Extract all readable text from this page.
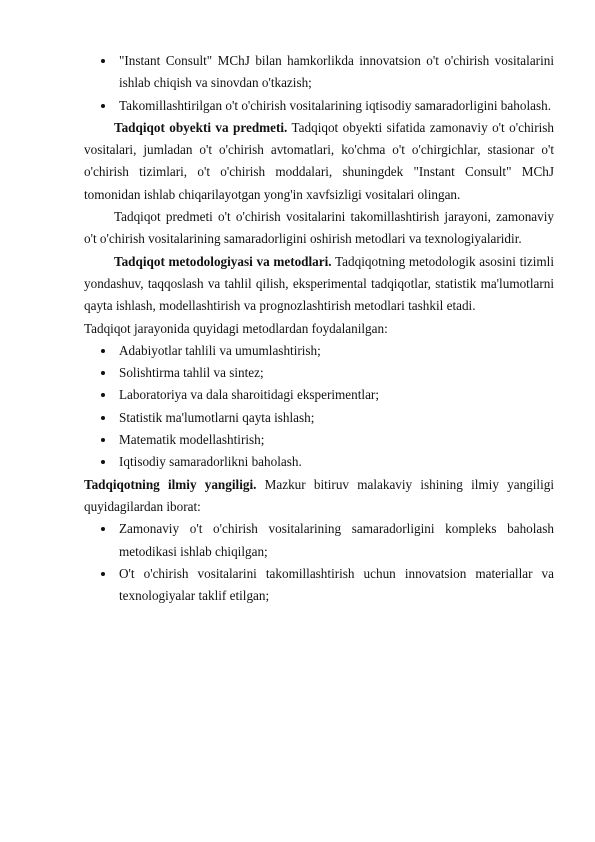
"Instant Consult" MChJ bilan hamkorlikda innovatsion o't o'chirish vositalarini ishlab chiqish va sinovdan o'tkazish;
Takomillashtirilgan o't o'chirish vositalarining iqtisodiy samaradorligini baholash.

Tadqiqot obyekti va predmeti. Tadqiqot obyekti sifatida zamonaviy o't o'chirish vositalari, jumladan o't o'chirish avtomatlari, ko'chma o't o'chirgichlar, stasionar o't o'chirish tizimlari, o't o'chirish moddalari, shuningdek "Instant Consult" MChJ tomonidan ishlab chiqarilayotgan yong'in xavfsizligi vositalari olingan.

Tadqiqot predmeti o't o'chirish vositalarini takomillashtirish jarayoni, zamonaviy o't o'chirish vositalarining samaradorligini oshirish metodlari va texnologiyalaridir.

Tadqiqot metodologiyasi va metodlari. Tadqiqotning metodologik asosini tizimli yondashuv, taqqoslash va tahlil qilish, eksperimental tadqiqotlar, statistik ma'lumotlarni qayta ishlash, modellashtirish va prognozlashtirish metodlari tashkil etadi.

Tadqiqot jarayonida quyidagi metodlardan foydalanilgan:

Adabiyotlar tahlili va umumlashtirish;
Solishtirma tahlil va sintez;
Laboratoriya va dala sharoitidagi eksperimentlar;
Statistik ma'lumotlarni qayta ishlash;
Matematik modellashtirish;
Iqtisodiy samaradorlikni baholash.

Tadqiqotning ilmiy yangiligi. Mazkur bitiruv malakaviy ishining ilmiy yangiligi quyidagilardan iborat:

Zamonaviy o't o'chirish vositalarining samaradorligini kompleks baholash metodikasi ishlab chiqilgan;
O't o'chirish vositalarini takomillashtirish uchun innovatsion materiallar va texnologiyalar taklif etilgan;
